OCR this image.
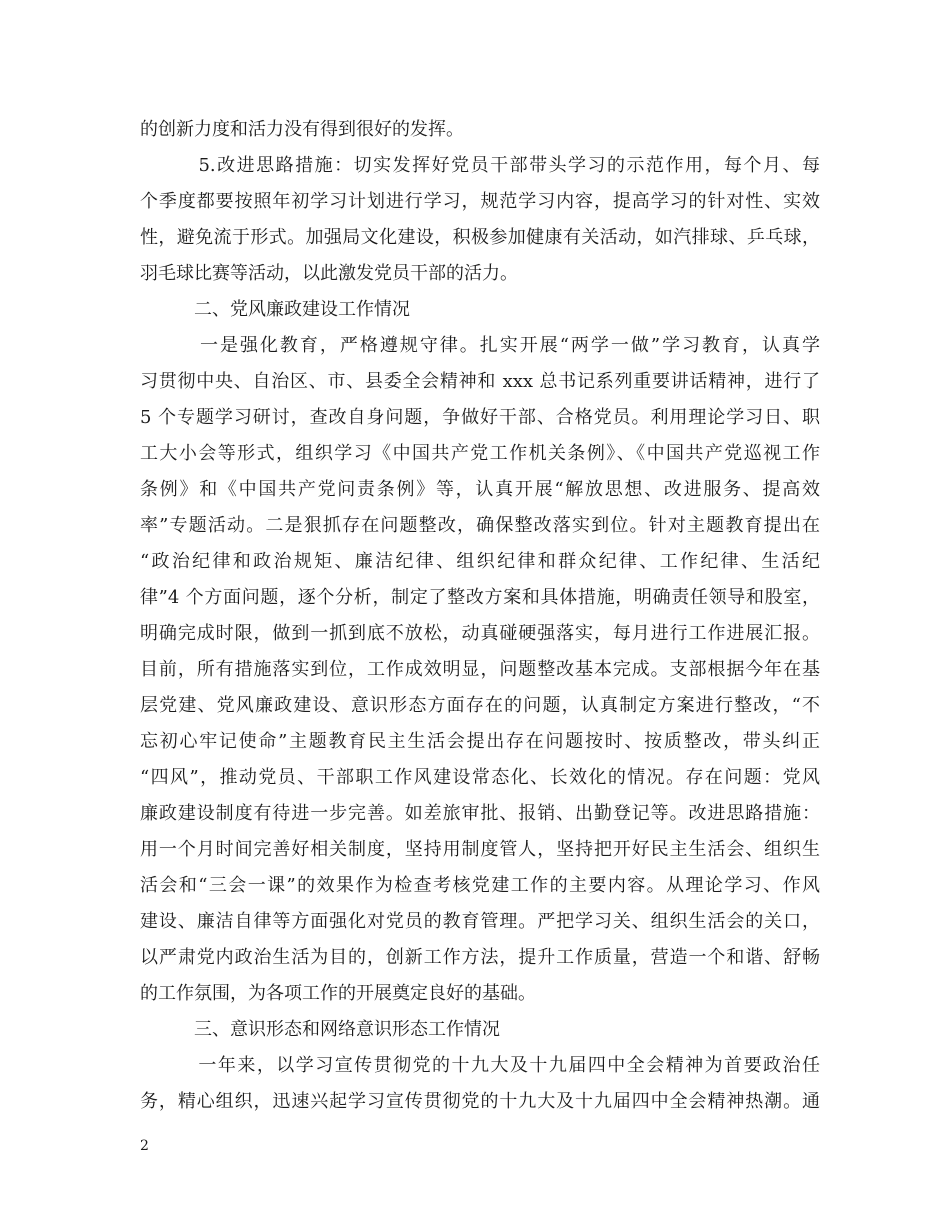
的创新力度和活力没有得到很好的发挥。
　　　5.改进思路措施：切实发挥好党员干部带头学习的示范作用，每个月、每
个季度都要按照年初学习计划进行学习，规范学习内容，提高学习的针对性、实效
性，避免流于形式。加强局文化建设，积极参加健康有关活动，如汽排球、乒乓球，
羽毛球比赛等活动，以此激发党员干部的活力。
　　　二、党风廉政建设工作情况
　　　一是强化教育，严格遵规守律。扎实开展“两学一做”学习教育，认真学
习贯彻中央、自治区、市、县委全会精神和 xxx 总书记系列重要讲话精神，进行了
5 个专题学习研讨，查改自身问题，争做好干部、合格党员。利用理论学习日、职
工大小会等形式，组织学习《中国共产党工作机关条例》、《中国共产党巡视工作
条例》和《中国共产党问责条例》等，认真开展“解放思想、改进服务、提高效
率”专题活动。二是狠抓存在问题整改，确保整改落实到位。针对主题教育提出在
“政治纪律和政治规矩、廉洁纪律、组织纪律和群众纪律、工作纪律、生活纪
律”4 个方面问题，逐个分析，制定了整改方案和具体措施，明确责任领导和股室，
明确完成时限，做到一抓到底不放松，动真碰硬强落实，每月进行工作进展汇报。
目前，所有措施落实到位，工作成效明显，问题整改基本完成。支部根据今年在基
层党建、党风廉政建设、意识形态方面存在的问题，认真制定方案进行整改，“不
忘初心牢记使命”主题教育民主生活会提出存在问题按时、按质整改，带头纠正
“四风”，推动党员、干部职工作风建设常态化、长效化的情况。存在问题：党风
廉政建设制度有待进一步完善。如差旅审批、报销、出勤登记等。改进思路措施：
用一个月时间完善好相关制度，坚持用制度管人，坚持把开好民主生活会、组织生
活会和“三会一课”的效果作为检查考核党建工作的主要内容。从理论学习、作风
建设、廉洁自律等方面强化对党员的教育管理。严把学习关、组织生活会的关口，
以严肃党内政治生活为目的，创新工作方法，提升工作质量，营造一个和谐、舒畅
的工作氛围，为各项工作的开展奠定良好的基础。
　　　三、意识形态和网络意识形态工作情况
　　　一年来，以学习宣传贯彻党的十九大及十九届四中全会精神为首要政治任
务，精心组织，迅速兴起学习宣传贯彻党的十九大及十九届四中全会精神热潮。通
2
